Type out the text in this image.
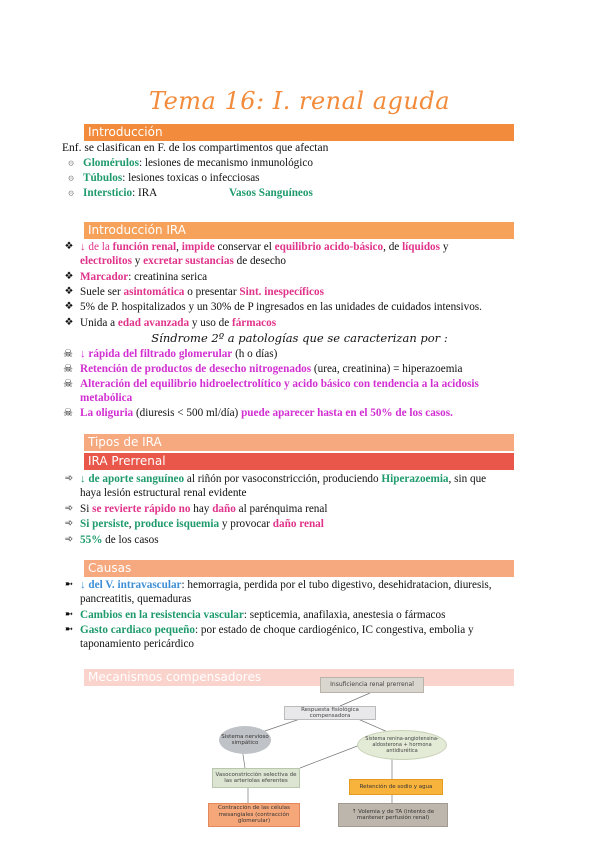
Tema 16: I. renal aguda
Introducción
Enf. se clasifican en F. de los compartimentos que afectan
۞ Glomérulos: lesiones de mecanismo inmunológico
۞ Túbulos: lesiones toxicas o infecciosas
۞ Intersticio: IRA	Vasos Sanguíneos
Introducción IRA
❖ ↓ de la función renal, impide conservar el equilibrio acido-básico, de líquidos y
electrolitos y excretar sustancias de desecho
❖ Marcador: creatinina serica
❖ Suele ser asintomática o presentar Sint. inespecíficos
❖ 5% de P. hospitalizados y un 30% de P ingresados en las unidades de cuidados intensivos.
❖ Unida a edad avanzada y uso de fármacos
Síndrome 2º a patologías que se caracterizan por :
☠ ↓ rápida del filtrado glomerular (h o días)
☠ Retención de productos de desecho nitrogenados (urea, creatinina) = hiperazoemia
☠ Alteración del equilibrio hidroelectrolítico y acido básico con tendencia a la acidosis
metabólica
☠ La oliguria (diuresis < 500 ml/día) puede aparecer hasta en el 50% de los casos.
Tipos de IRA
IRA Prerrenal
➾ ↓ de aporte sanguíneo al riñón por vasoconstricción, produciendo Hiperazoemia, sin que
haya lesión estructural renal evidente
➾ Si se revierte rápido no hay daño al parénquima renal
➾ Si persiste, produce isquemia y provocar daño renal
➾ 55% de los casos
Causas
➼ ↓ del V. intravascular: hemorragia, perdida por el tubo digestivo, desehidratacion, diuresis,
pancreatitis, quemaduras
➼ Cambios en la resistencia vascular: septicemia, anafilaxia, anestesia o fármacos
➼ Gasto cardiaco pequeño: por estado de choque cardiogénico, IC congestiva, embolia y
taponamiento pericárdico
Mecanismos compensadores
Insuficiencia renal prerrenal
Respuesta fisiológica compensadora
Sistema nervioso simpático
Sistema renina-angiotensina-aldosterona + hormona antidiurética
Vasoconstricción selectiva de las arteriolas eferentes
Retención de sodio y agua
Contracción de las células mesangiales (contracción glomerular)
↑ Volemia y de TA (intento de mantener perfusión renal)
